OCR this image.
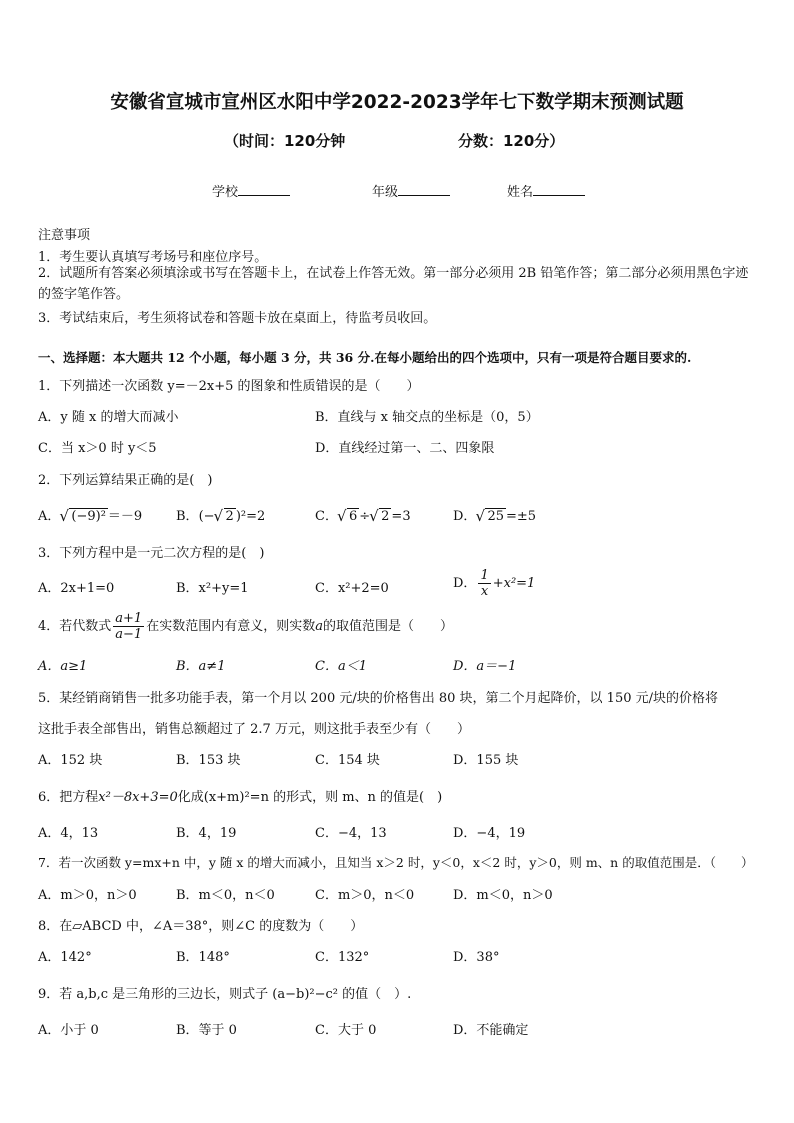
安徽省宣城市宣州区水阳中学2022-2023学年七下数学期末预测试题
（时间：120分钟	分数：120分）
学校	年级	姓名
注意事项
1．考生要认真填写考场号和座位序号。
2．试题所有答案必须填涂或书写在答题卡上，在试卷上作答无效。第一部分必须用 2B 铅笔作答；第二部分必须用黑色字迹的签字笔作答。
3．考试结束后，考生须将试卷和答题卡放在桌面上，待监考员收回。
一、选择题：本大题共 12 个小题，每小题 3 分，共 36 分.在每小题给出的四个选项中，只有一项是符合题目要求的.
1．下列描述一次函数 y=－2x+5 的图象和性质错误的是（　　）
A．y 随 x 的增大而减小	B．直线与 x 轴交点的坐标是（0，5）
C．当 x＞0 时 y＜5	D．直线经过第一、二、四象限
2．下列运算结果正确的是(　)
A． √ (−9)² ＝－9	B．(− √ 2 )²=2	C． √ 6 ÷ √ 2 =3	D． √ 25 =±5
3．下列方程中是一元二次方程的是(　)
A．2x+1=0	B．x²+y=1	C．x²+2=0	D． $\frac{1}{x} +x^2=1$
4．若代数式 $\frac{a+1}{a-1}$ 在实数范围内有意义，则实数a的取值范围是（　　）
A．a≥1	B．a≠1	C．a＜1	D．a＝−1
5．某经销商销售一批多功能手表，第一个月以 200 元/块的价格售出 80 块，第二个月起降价，以 150 元/块的价格将
这批手表全部售出，销售总额超过了 2.7 万元，则这批手表至少有（　　）
A．152 块	B．153 块	C．154 块	D．155 块
6．把方程x²－8x+3=0化成(x+m)²=n 的形式，则 m、n 的值是(　)
A．4，13	B．4，19	C．−4，13	D．−4，19
7．若一次函数 y=mx+n 中，y 随 x 的增大而减小，且知当 x＞2 时，y＜0，x＜2 时，y＞0，则 m、n 的取值范围是．（　　）
A．m＞0，n＞0	B．m＜0，n＜0	C．m＞0，n＜0	D．m＜0，n＞0
8．在▱ABCD 中，∠A＝38°，则∠C 的度数为（　　）
A．142°	B．148°	C．132°	D．38°
9．若 a,b,c 是三角形的三边长，则式子 (a−b)²−c² 的值（　）.
A．小于 0	B．等于 0	C．大于 0	D．不能确定
